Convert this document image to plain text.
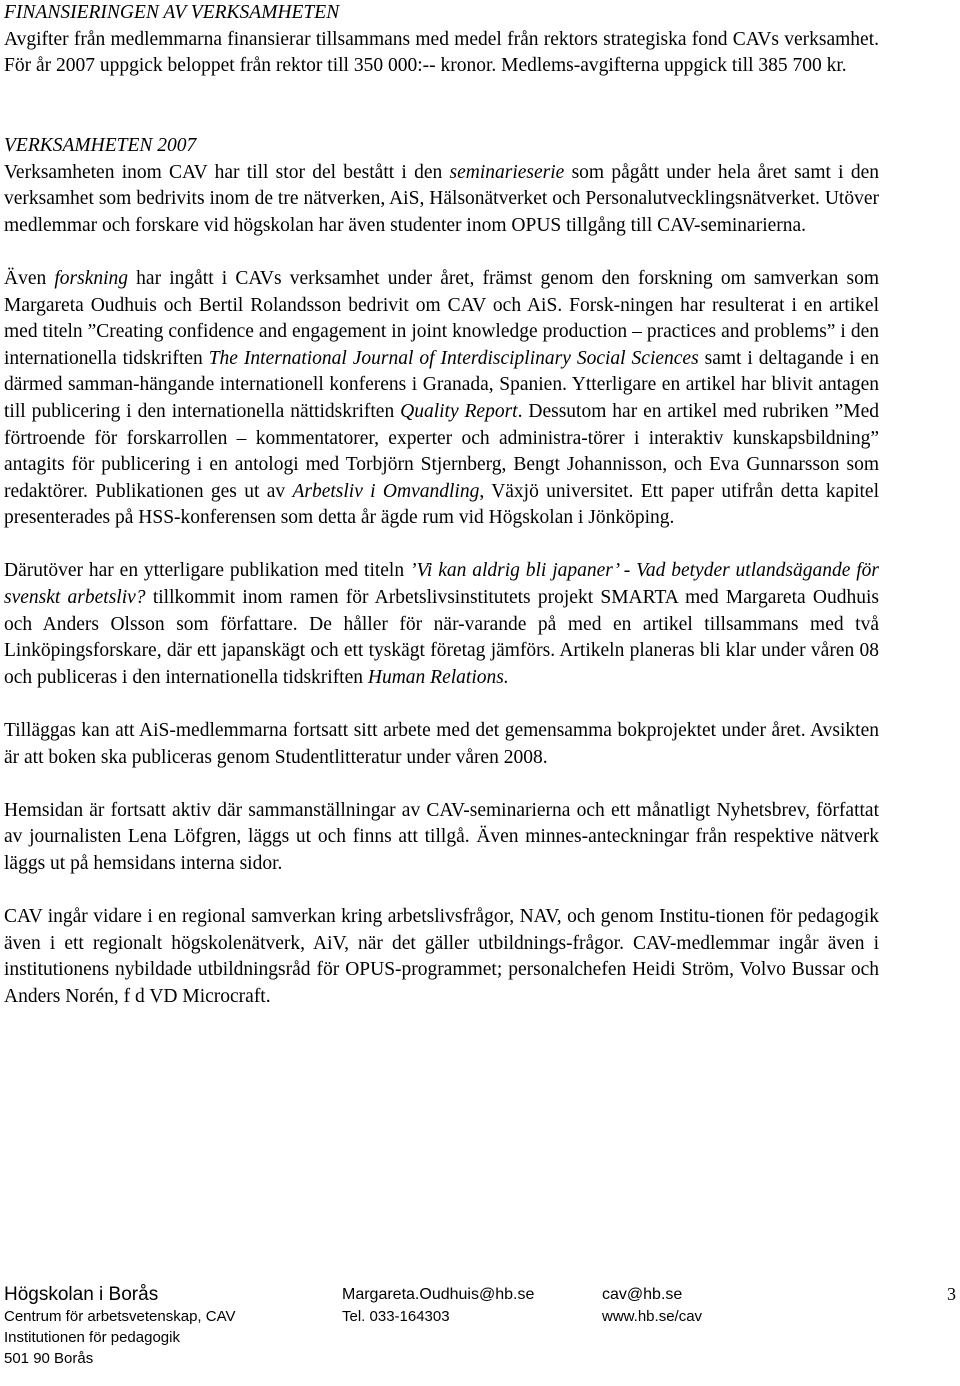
FINANSIERINGEN AV VERKSAMHETEN

Avgifter från medlemmarna finansierar tillsammans med medel från rektors strategiska fond CAVs verksamhet. För år 2007 uppgick beloppet från rektor till 350 000:-- kronor. Medlems-avgifterna uppgick till 385 700 kr.

VERKSAMHETEN 2007

Verksamheten inom CAV har till stor del bestått i den seminarieserie som pågått under hela året samt i den verksamhet som bedrivits inom de tre nätverken, AiS, Hälsonätverket och Personalutvecklingsnätverket. Utöver medlemmar och forskare vid högskolan har även studenter inom OPUS tillgång till CAV-seminarierna.

Även forskning har ingått i CAVs verksamhet under året, främst genom den forskning om samverkan som Margareta Oudhuis och Bertil Rolandsson bedrivit om CAV och AiS. Forsk-ningen har resulterat i en artikel med titeln ”Creating confidence and engagement in joint knowledge production – practices and problems” i den internationella tidskriften The International Journal of Interdisciplinary Social Sciences samt i deltagande i en därmed samman-hängande internationell konferens i Granada, Spanien. Ytterligare en artikel har blivit antagen till publicering i den internationella nättidskriften Quality Report. Dessutom har en artikel med rubriken ”Med förtroende för forskarrollen – kommentatorer, experter och administra-törer i interaktiv kunskapsbildning” antagits för publicering i en antologi med Torbjörn Stjernberg, Bengt Johannisson, och Eva Gunnarsson som redaktörer. Publikationen ges ut av Arbetsliv i Omvandling, Växjö universitet. Ett paper utifrån detta kapitel presenterades på HSS-konferensen som detta år ägde rum vid Högskolan i Jönköping.

Därutöver har en ytterligare publikation med titeln ’Vi kan aldrig bli japaner’ - Vad betyder utlandsägande för svenskt arbetsliv? tillkommit inom ramen för Arbetslivsinstitutets projekt SMARTA med Margareta Oudhuis och Anders Olsson som författare. De håller för när-varande på med en artikel tillsammans med två Linköpingsforskare, där ett japanskägt och ett tyskägt företag jämförs. Artikeln planeras bli klar under våren 08 och publiceras i den internationella tidskriften Human Relations.

Tilläggas kan att AiS-medlemmarna fortsatt sitt arbete med det gemensamma bokprojektet under året. Avsikten är att boken ska publiceras genom Studentlitteratur under våren 2008.

Hemsidan är fortsatt aktiv där sammanställningar av CAV-seminarierna och ett månatligt Nyhetsbrev, författat av journalisten Lena Löfgren, läggs ut och finns att tillgå. Även minnes-anteckningar från respektive nätverk läggs ut på hemsidans interna sidor.

CAV ingår vidare i en regional samverkan kring arbetslivsfrågor, NAV, och genom Institu-tionen för pedagogik även i ett regionalt högskolenätverk, AiV, när det gäller utbildnings-frågor. CAV-medlemmar ingår även i institutionens nybildade utbildningsråd för OPUS-programmet; personalchefen Heidi Ström, Volvo Bussar och Anders Norén, f d VD Microcraft.

Högskolan i Borås
Centrum för arbetsvetenskap, CAV
Institutionen för pedagogik
501 90 Borås
Margareta.Oudhuis@hb.se
Tel. 033-164303
cav@hb.se
www.hb.se/cav
3
